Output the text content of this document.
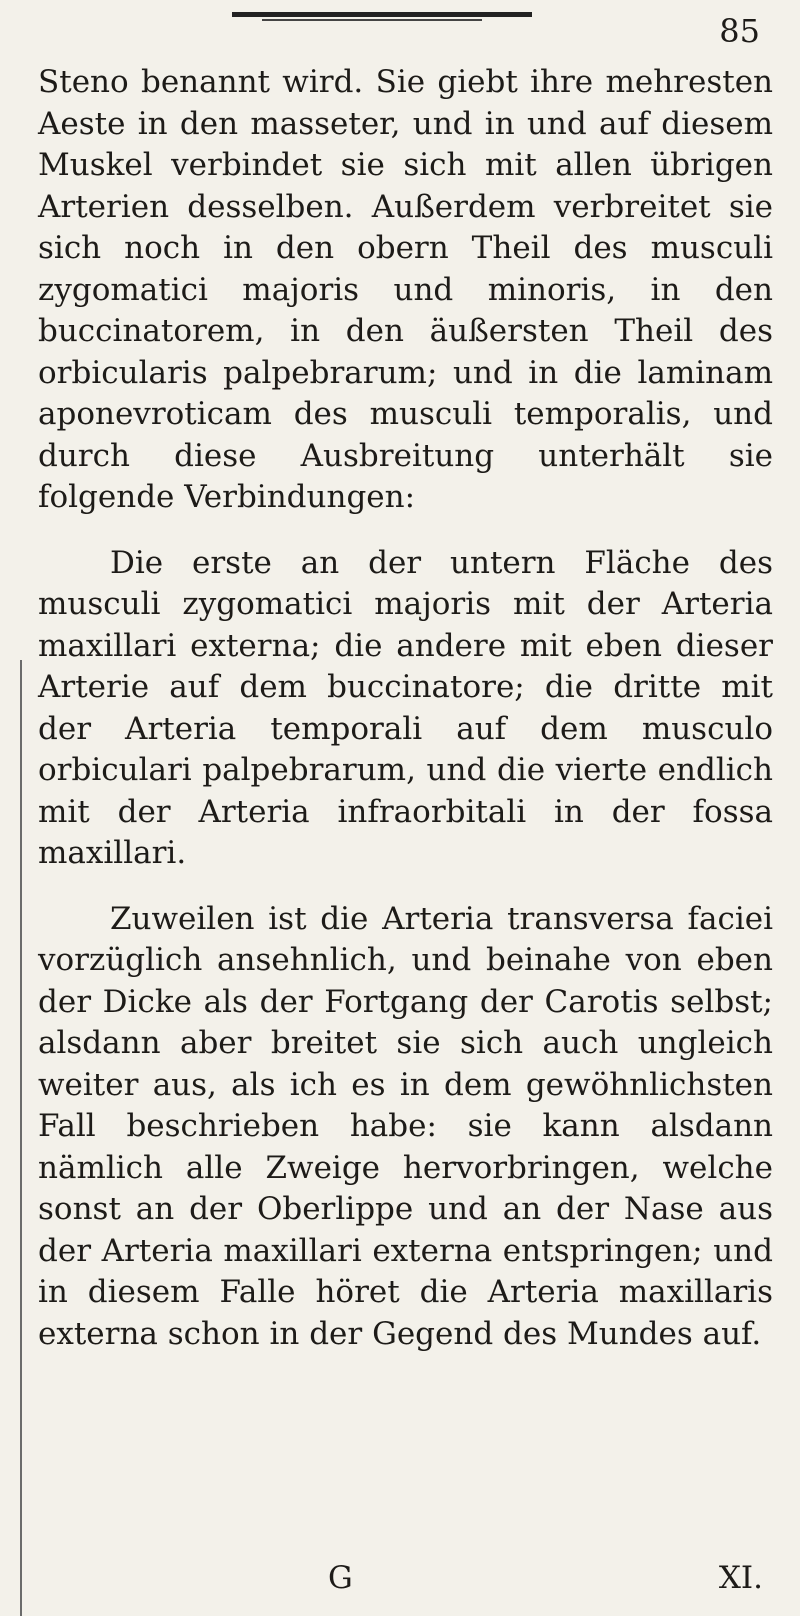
85

Steno benannt wird. Sie giebt ihre mehresten Aeste in den masseter, und in und auf diesem Muskel verbindet sie sich mit allen übrigen Arterien desselben. Außerdem verbreitet sie sich noch in den obern Theil des musculi zygomatici majoris und minoris, in den buccinatorem, in den äußersten Theil des orbicularis palpebrarum; und in die laminam aponevroticam des musculi temporalis, und durch diese Ausbreitung unterhält sie folgende Verbindungen:

Die erste an der untern Fläche des musculi zygomatici majoris mit der Arteria maxillari externa; die andere mit eben dieser Arterie auf dem buccinatore; die dritte mit der Arteria temporali auf dem musculo orbiculari palpebrarum, und die vierte endlich mit der Arteria infraorbitali in der fossa maxillari.

Zuweilen ist die Arteria transversa faciei vorzüglich ansehnlich, und beinahe von eben der Dicke als der Fortgang der Carotis selbst; alsdann aber breitet sie sich auch ungleich weiter aus, als ich es in dem gewöhnlichsten Fall beschrieben habe: sie kann alsdann nämlich alle Zweige hervorbringen, welche sonst an der Oberlippe und an der Nase aus der Arteria maxillari externa entspringen; und in diesem Falle höret die Arteria maxillaris externa schon in der Gegend des Mundes auf.

G	XI.
